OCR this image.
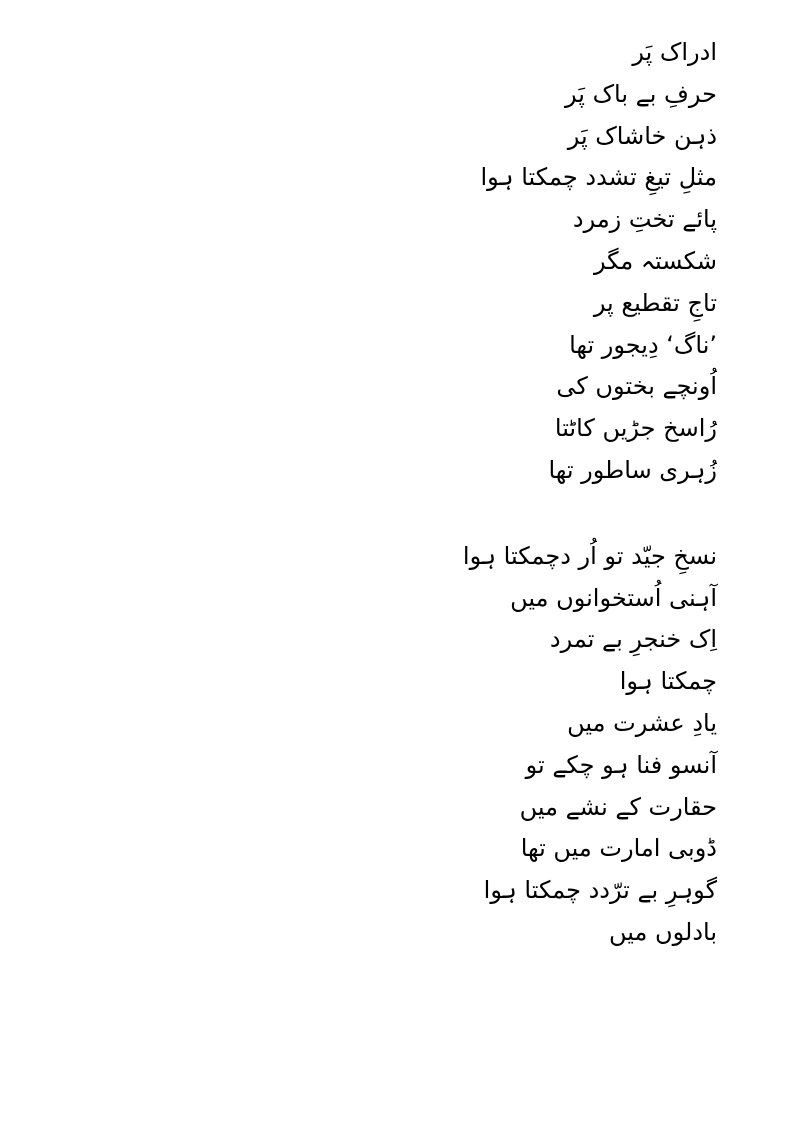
ادراک پَر
حرفِ بے باک پَر
ذہن خاشاک پَر
مثلِ تیغِ تشدد چمکتا ہوا
پائے تختِ زمرد
شکستہ مگر
تاجِ تقطیع پر
’ناگ‘ دِیجور تھا
اُونچے بختوں کی
رُاسخ جڑیں کاٹتا
زُہری ساطور تھا
نسخِ جیّد تو اُر دچمکتا ہوا
آہنی اُستخوانوں میں
اِک خنجرِ بے تمرد
چمکتا ہوا
یادِ عشرت میں
آنسو فنا ہو چکے تو
حقارت کے نشے میں
ڈوبی امارت میں تھا
گوہرِ بے ترّدد چمکتا ہوا
بادلوں میں
